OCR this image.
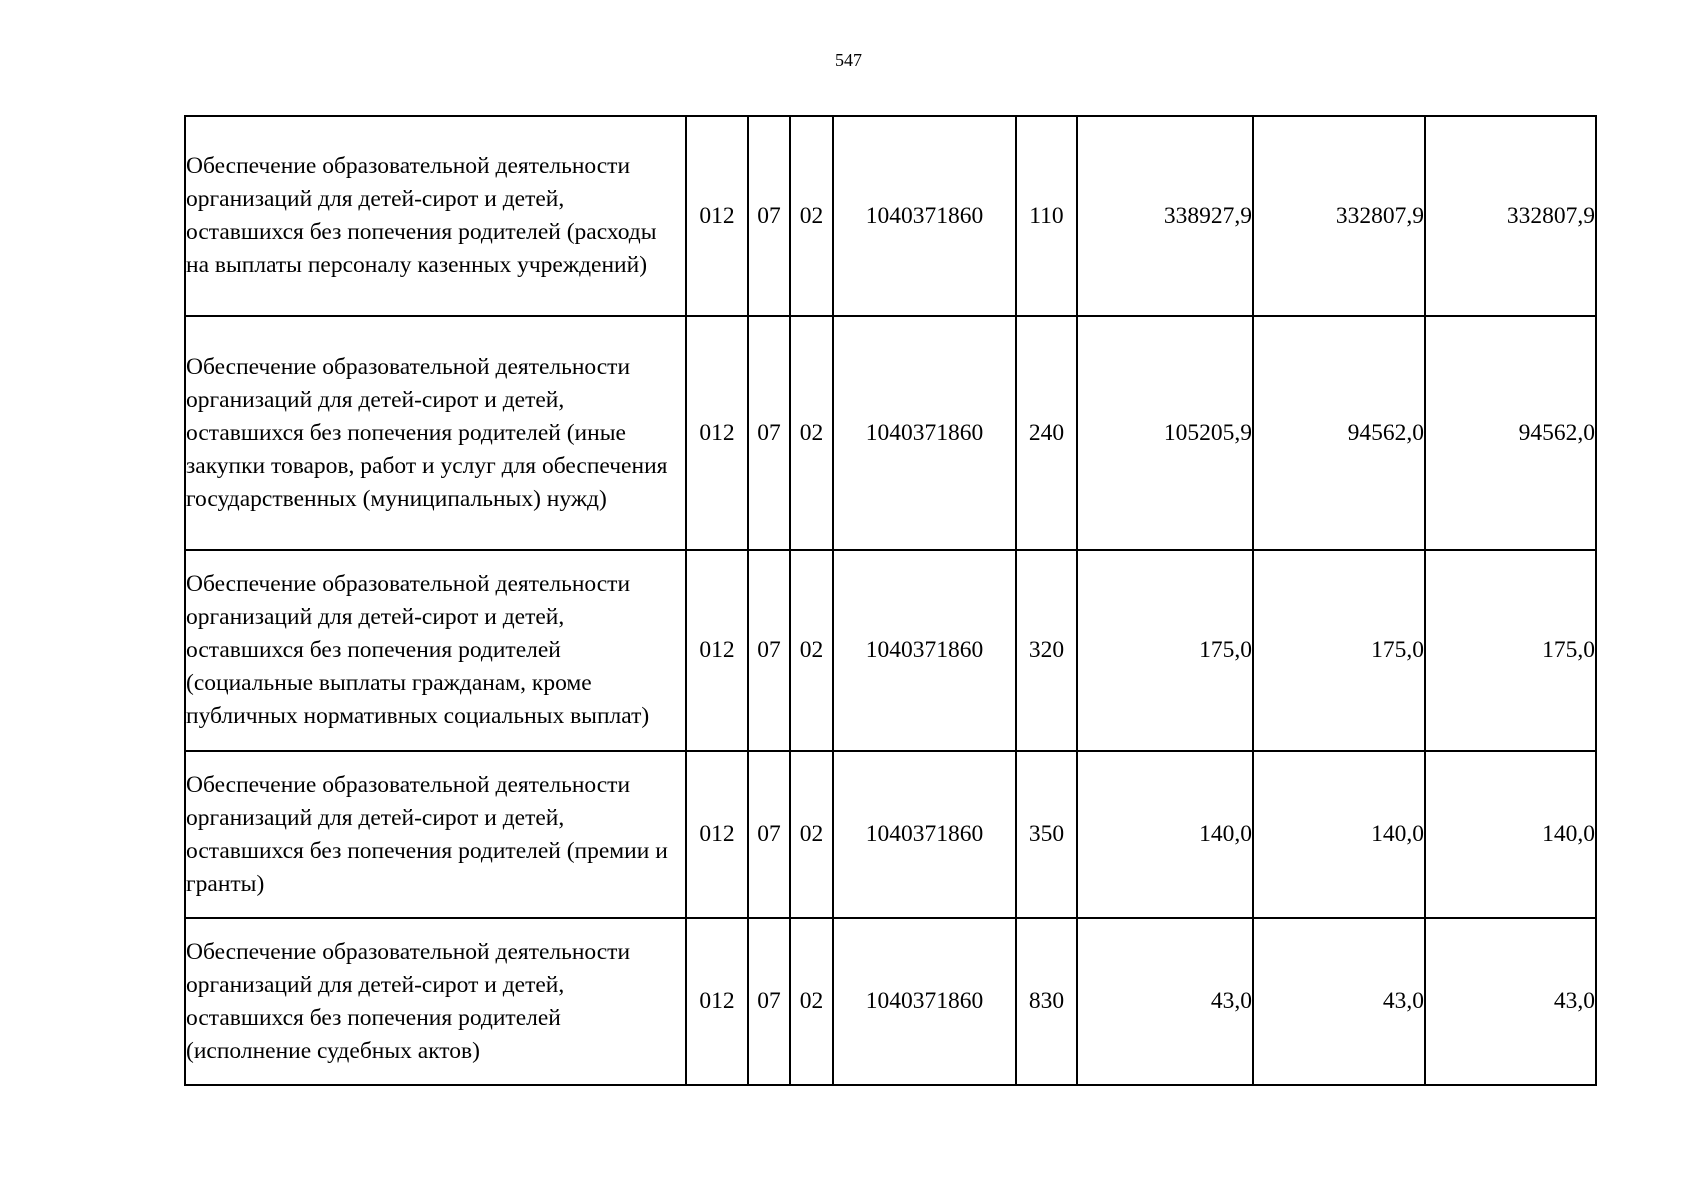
547
Обеспечение образовательной деятельности организаций для детей-сирот и детей, оставшихся без попечения родителей (расходы на выплаты персоналу казенных учреждений)	012	07	02	1040371860	110	338927,9	332807,9	332807,9
Обеспечение образовательной деятельности организаций для детей-сирот и детей, оставшихся без попечения родителей (иные закупки товаров, работ и услуг для обеспечения государственных (муниципальных) нужд)	012	07	02	1040371860	240	105205,9	94562,0	94562,0
Обеспечение образовательной деятельности организаций для детей-сирот и детей, оставшихся без попечения родителей (социальные выплаты гражданам, кроме публичных нормативных социальных выплат)	012	07	02	1040371860	320	175,0	175,0	175,0
Обеспечение образовательной деятельности организаций для детей-сирот и детей, оставшихся без попечения родителей (премии и гранты)	012	07	02	1040371860	350	140,0	140,0	140,0
Обеспечение образовательной деятельности организаций для детей-сирот и детей, оставшихся без попечения родителей (исполнение судебных актов)	012	07	02	1040371860	830	43,0	43,0	43,0
